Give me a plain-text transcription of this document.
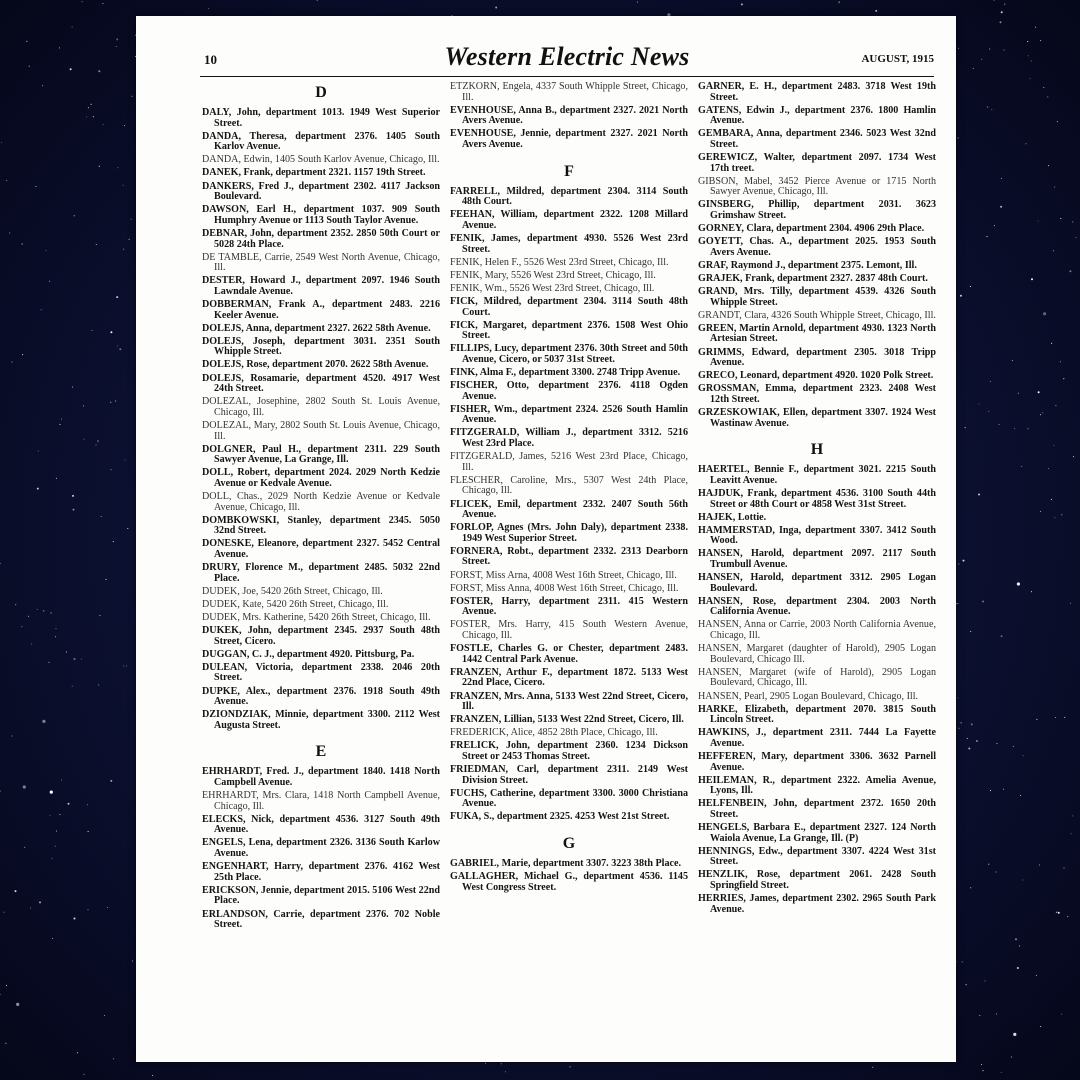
10	Western Electric News	AUGUST, 1915
D
DALY, John, department 1013. 1949 West Superior Street.
DANDA, Theresa, department 2376. 1405 South Karlov Avenue.
DANDA, Edwin, 1405 South Karlov Avenue, Chicago, Ill.
DANEK, Frank, department 2321. 1157 19th Street.
DANKERS, Fred J., department 2302. 4117 Jackson Boulevard.
DAWSON, Earl H., department 1037. 909 South Humphry Avenue or 1113 South Taylor Avenue.
DEBNAR, John, department 2352. 2850 50th Court or 5028 24th Place.
DE TAMBLE, Carrie, 2549 West North Avenue, Chicago, Ill.
DESTER, Howard J., department 2097. 1946 South Lawndale Avenue.
DOBBERMAN, Frank A., department 2483. 2216 Keeler Avenue.
DOLEJS, Anna, department 2327. 2622 58th Avenue.
DOLEJS, Joseph, department 3031. 2351 South Whipple Street.
DOLEJS, Rose, department 2070. 2622 58th Avenue.
DOLEJS, Rosamarie, department 4520. 4917 West 24th Street.
DOLEZAL, Josephine, 2802 South St. Louis Avenue, Chicago, Ill.
DOLEZAL, Mary, 2802 South St. Louis Avenue, Chicago, Ill.
DOLGNER, Paul H., department 2311. 229 South Sawyer Avenue, La Grange, Ill.
DOLL, Robert, department 2024. 2029 North Kedzie Avenue or Kedvale Avenue.
DOLL, Chas., 2029 North Kedzie Avenue or Kedvale Avenue, Chicago, Ill.
DOMBKOWSKI, Stanley, department 2345. 5050 32nd Street.
DONESKE, Eleanore, department 2327. 5452 Central Avenue.
DRURY, Florence M., department 2485. 5032 22nd Place.
DUDEK, Joe, 5420 26th Street, Chicago, Ill.
DUDEK, Kate, 5420 26th Street, Chicago, Ill.
DUDEK, Mrs. Katherine, 5420 26th Street, Chicago, Ill.
DUKEK, John, department 2345. 2937 South 48th Street, Cicero.
DUGGAN, C. J., department 4920. Pittsburg, Pa.
DULEAN, Victoria, department 2338. 2046 20th Street.
DUPKE, Alex., department 2376. 1918 South 49th Avenue.
DZIONDZIAK, Minnie, department 3300. 2112 West Augusta Street.
E
EHRHARDT, Fred. J., department 1840. 1418 North Campbell Avenue.
EHRHARDT, Mrs. Clara, 1418 North Campbell Avenue, Chicago, Ill.
ELECKS, Nick, department 4536. 3127 South 49th Avenue.
ENGELS, Lena, department 2326. 3136 South Karlow Avenue.
ENGENHART, Harry, department 2376. 4162 West 25th Place.
ERICKSON, Jennie, department 2015. 5106 West 22nd Place.
ERLANDSON, Carrie, department 2376. 702 Noble Street.
ETZKORN, Engela, 4337 South Whipple Street, Chicago, Ill.
EVENHOUSE, Anna B., department 2327. 2021 North Avers Avenue.
EVENHOUSE, Jennie, department 2327. 2021 North Avers Avenue.
F
FARRELL, Mildred, department 2304. 3114 South 48th Court.
FEEHAN, William, department 2322. 1208 Millard Avenue.
FENIK, James, department 4930. 5526 West 23rd Street.
FENIK, Helen F., 5526 West 23rd Street, Chicago, Ill.
FENIK, Mary, 5526 West 23rd Street, Chicago, Ill.
FENIK, Wm., 5526 West 23rd Street, Chicago, Ill.
FICK, Mildred, department 2304. 3114 South 48th Court.
FICK, Margaret, department 2376. 1508 West Ohio Street.
FILLIPS, Lucy, department 2376. 30th Street and 50th Avenue, Cicero, or 5037 31st Street.
FINK, Alma F., department 3300. 2748 Tripp Avenue.
FISCHER, Otto, department 2376. 4118 Ogden Avenue.
FISHER, Wm., department 2324. 2526 South Hamlin Avenue.
FITZGERALD, William J., department 3312. 5216 West 23rd Place.
FITZGERALD, James, 5216 West 23rd Place, Chicago, Ill.
FLESCHER, Caroline, Mrs., 5307 West 24th Place, Chicago, Ill.
FLICEK, Emil, department 2332. 2407 South 56th Avenue.
FORLOP, Agnes (Mrs. John Daly), department 2338. 1949 West Superior Street.
FORNERA, Robt., department 2332. 2313 Dearborn Street.
FORST, Miss Arna, 4008 West 16th Street, Chicago, Ill.
FORST, Miss Anna, 4008 West 16th Street, Chicago, Ill.
FOSTER, Harry, department 2311. 415 Western Avenue.
FOSTER, Mrs. Harry, 415 South Western Avenue, Chicago, Ill.
FOSTLE, Charles G. or Chester, department 2483. 1442 Central Park Avenue.
FRANZEN, Arthur F., department 1872. 5133 West 22nd Place, Cicero.
FRANZEN, Mrs. Anna, 5133 West 22nd Street, Cicero, Ill.
FRANZEN, Lillian, 5133 West 22nd Street, Cicero, Ill.
FREDERICK, Alice, 4852 28th Place, Chicago, Ill.
FRELICK, John, department 2360. 1234 Dickson Street or 2453 Thomas Street.
FRIEDMAN, Carl, department 2311. 2149 West Division Street.
FUCHS, Catherine, department 3300. 3000 Christiana Avenue.
FUKA, S., department 2325. 4253 West 21st Street.
G
GABRIEL, Marie, department 3307. 3223 38th Place.
GALLAGHER, Michael G., department 4536. 1145 West Congress Street.
GARNER, E. H., department 2483. 3718 West 19th Street.
GATENS, Edwin J., department 2376. 1800 Hamlin Avenue.
GEMBARA, Anna, department 2346. 5023 West 32nd Street.
GEREWICZ, Walter, department 2097. 1734 West 17th treet.
GIBSON, Mabel, 3452 Pierce Avenue or 1715 North Sawyer Avenue, Chicago, Ill.
GINSBERG, Phillip, department 2031. 3623 Grimshaw Street.
GORNEY, Clara, department 2304. 4906 29th Place.
GOYETT, Chas. A., department 2025. 1953 South Avers Avenue.
GRAF, Raymond J., department 2375. Lemont, Ill.
GRAJEK, Frank, department 2327. 2837 48th Court.
GRAND, Mrs. Tilly, department 4539. 4326 South Whipple Street.
GRANDT, Clara, 4326 South Whipple Street, Chicago, Ill.
GREEN, Martin Arnold, department 4930. 1323 North Artesian Street.
GRIMMS, Edward, department 2305. 3018 Tripp Avenue.
GRECO, Leonard, department 4920. 1020 Polk Street.
GROSSMAN, Emma, department 2323. 2408 West 12th Street.
GRZESKOWIAK, Ellen, department 3307. 1924 West Wastinaw Avenue.
H
HAERTEL, Bennie F., department 3021. 2215 South Leavitt Avenue.
HAJDUK, Frank, department 4536. 3100 South 44th Street or 48th Court or 4858 West 31st Street.
HAJEK, Lottie.
HAMMERSTAD, Inga, department 3307. 3412 South Wood.
HANSEN, Harold, department 2097. 2117 South Trumbull Avenue.
HANSEN, Harold, department 3312. 2905 Logan Boulevard.
HANSEN, Rose, department 2304. 2003 North California Avenue.
HANSEN, Anna or Carrie, 2003 North California Avenue, Chicago, Ill.
HANSEN, Margaret (daughter of Harold), 2905 Logan Boulevard, Chicago Ill.
HANSEN, Margaret (wife of Harold), 2905 Logan Boulevard, Chicago, Ill.
HANSEN, Pearl, 2905 Logan Boulevard, Chicago, Ill.
HARKE, Elizabeth, department 2070. 3815 South Lincoln Street.
HAWKINS, J., department 2311. 7444 La Fayette Avenue.
HEFFEREN, Mary, department 3306. 3632 Parnell Avenue.
HEILEMAN, R., department 2322. Amelia Avenue, Lyons, Ill.
HELFENBEIN, John, department 2372. 1650 20th Street.
HENGELS, Barbara E., department 2327. 124 North Waiola Avenue, La Grange, Ill. (P)
HENNINGS, Edw., department 3307. 4224 West 31st Street.
HENZLIK, Rose, department 2061. 2428 South Springfield Street.
HERRIES, James, department 2302. 2965 South Park Avenue.
